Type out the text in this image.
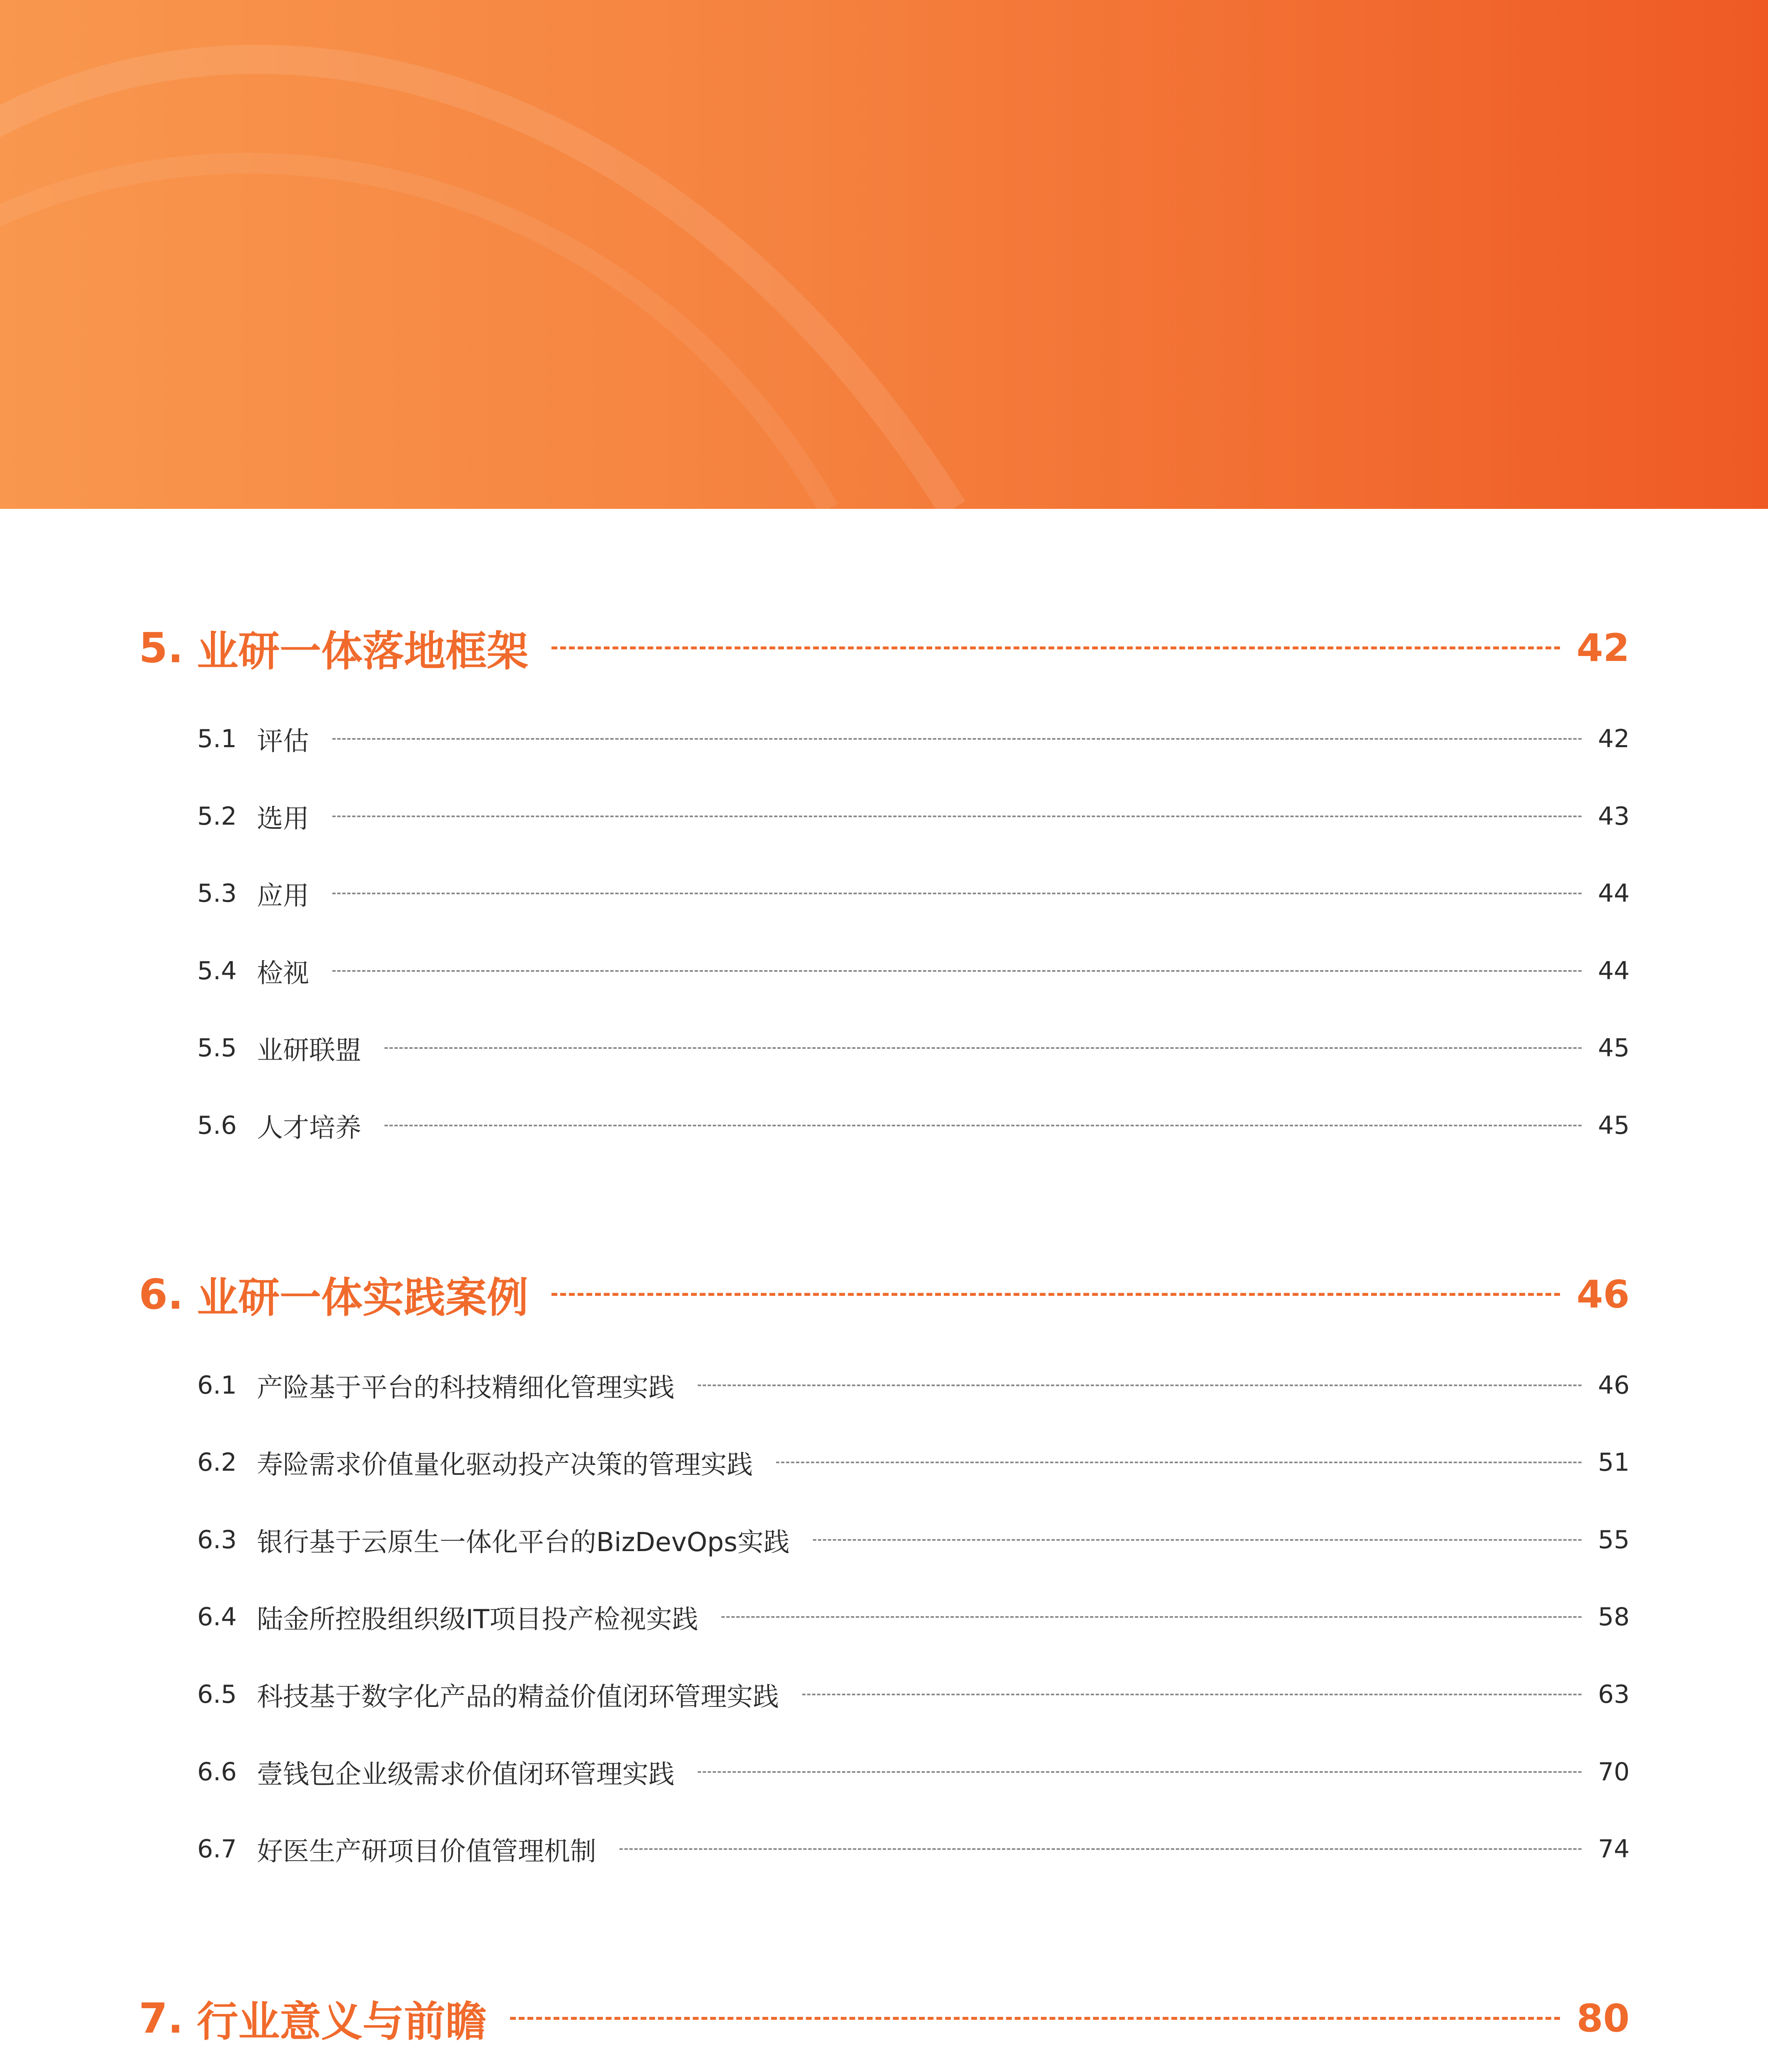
5. 业研一体落地框架	42
5.1 评估	42
5.2 选用	43
5.3 应用	44
5.4 检视	44
5.5 业研联盟	45
5.6 人才培养	45
6. 业研一体实践案例	46
6.1 产险基于平台的科技精细化管理实践	46
6.2 寿险需求价值量化驱动投产决策的管理实践	51
6.3 银行基于云原生一体化平台的BizDevOps实践	55
6.4 陆金所控股组织级IT项目投产检视实践	58
6.5 科技基于数字化产品的精益价值闭环管理实践	63
6.6 壹钱包企业级需求价值闭环管理实践	70
6.7 好医生产研项目价值管理机制	74
7. 行业意义与前瞻	80
